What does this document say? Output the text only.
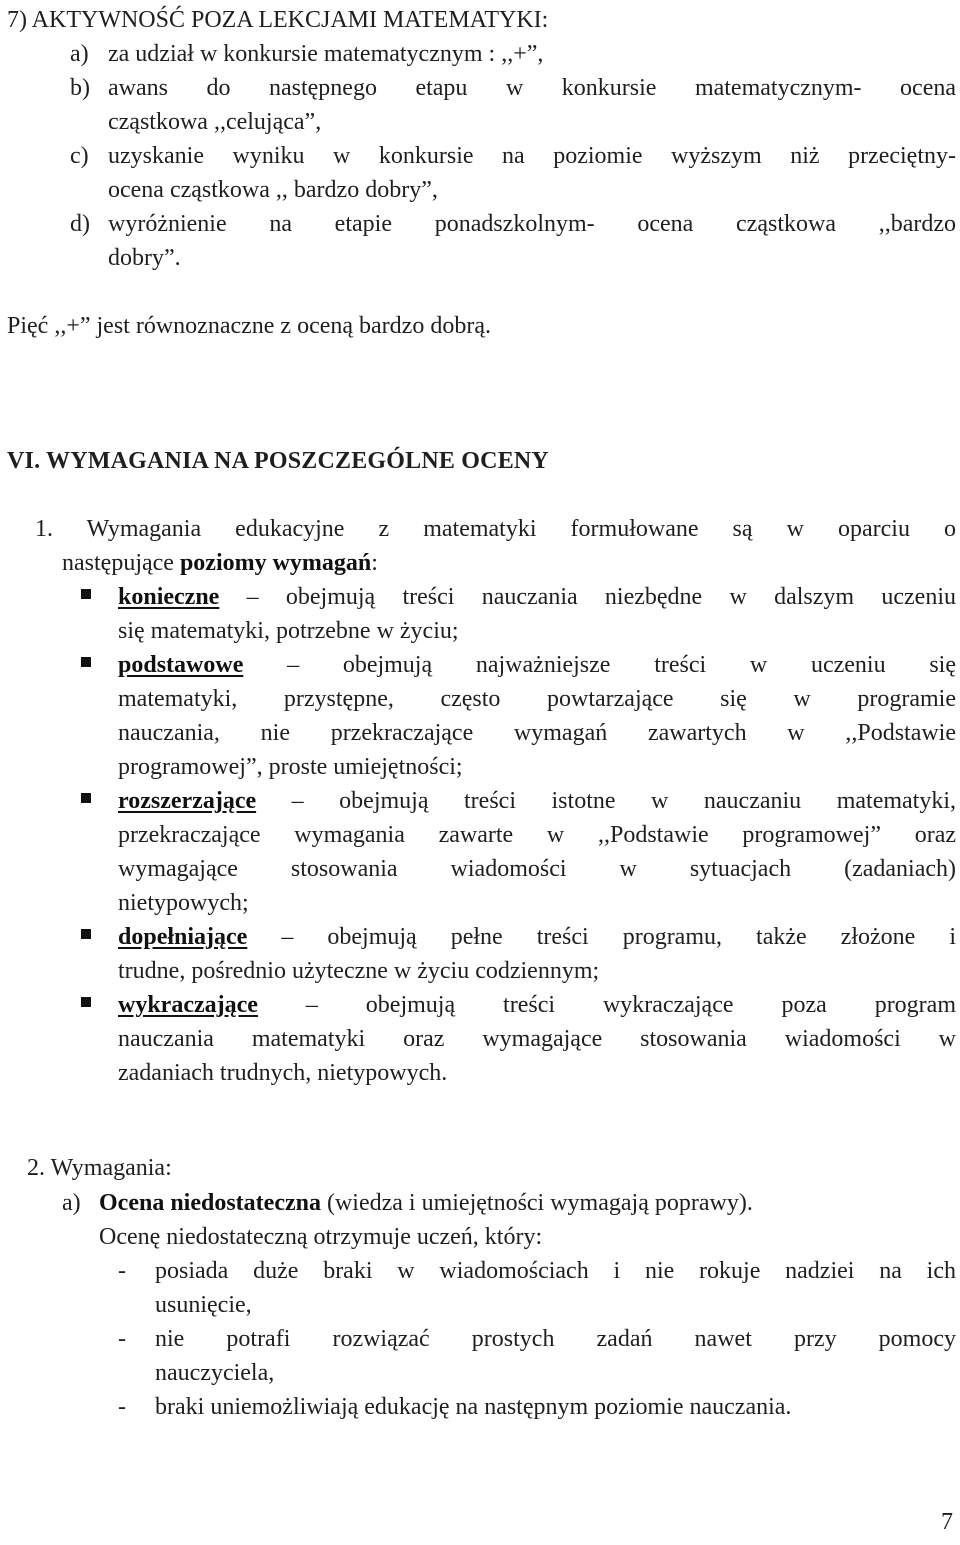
7) AKTYWNOŚĆ POZA LEKCJAMI MATEMATYKI:
a) za udział w konkursie matematycznym : ,,+”,
b) awans do następnego etapu w konkursie matematycznym- ocena
cząstkowa ,,celująca”,
c) uzyskanie wyniku w konkursie na poziomie wyższym niż przeciętny-
ocena cząstkowa ,, bardzo dobry”,
d) wyróżnienie na etapie ponadszkolnym- ocena cząstkowa ,,bardzo
dobry”.
Pięć ,,+” jest równoznaczne z oceną bardzo dobrą.
VI. WYMAGANIA NA POSZCZEGÓLNE OCENY
1. Wymagania edukacyjne z matematyki formułowane są w oparciu o
następujące poziomy wymagań:
konieczne – obejmują treści nauczania niezbędne w dalszym uczeniu
się matematyki, potrzebne w życiu;
podstawowe – obejmują najważniejsze treści w uczeniu się
matematyki, przystępne, często powtarzające się w programie
nauczania, nie przekraczające wymagań zawartych w ,,Podstawie
programowej”, proste umiejętności;
rozszerzające – obejmują treści istotne w nauczaniu matematyki,
przekraczające wymagania zawarte w ,,Podstawie programowej” oraz
wymagające stosowania wiadomości w sytuacjach (zadaniach)
nietypowych;
dopełniające – obejmują pełne treści programu, także złożone i
trudne, pośrednio użyteczne w życiu codziennym;
wykraczające – obejmują treści wykraczające poza program
nauczania matematyki oraz wymagające stosowania wiadomości w
zadaniach trudnych, nietypowych.
2. Wymagania:
a) Ocena niedostateczna (wiedza i umiejętności wymagają poprawy).
Ocenę niedostateczną otrzymuje uczeń, który:
- posiada duże braki w wiadomościach i nie rokuje nadziei na ich
usunięcie,
- nie potrafi rozwiązać prostych zadań nawet przy pomocy
nauczyciela,
- braki uniemożliwiają edukację na następnym poziomie nauczania.
7
